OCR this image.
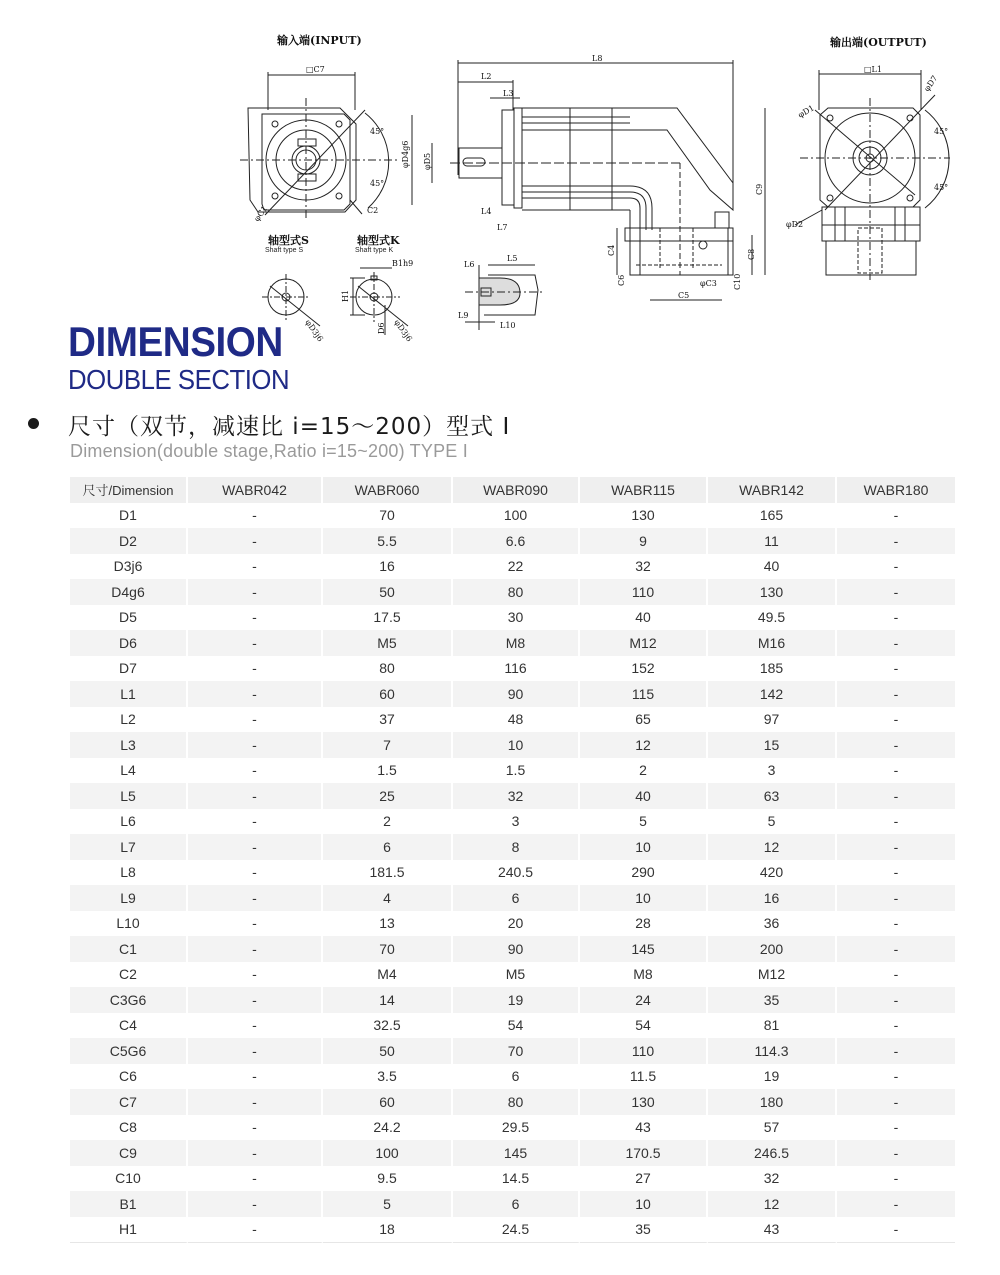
输入端(INPUT)	输出端(OUTPUT)
□C7
45°
45°
C2
φC1
φD4g6 φD5
L8
L2
L3
L4
L7
C9
C4
C6	φC3
C5
C8
C10
L5
L6
L9
L10
B1h9
H1
D6
φD3j6	φD3j6
□L1
φD1
φD7
45°
45°
φD2
轴型式S
Shaft type S
轴型式K
Shaft type K
DIMENSION
DOUBLE SECTION
尺寸（双节，减速比 i=15～200）型式 I
Dimension(double stage,Ratio i=15~200) TYPE I
尺寸/Dimension	WABR042	WABR060	WABR090	WABR115	WABR142	WABR180
D1	-	70	100	130	165	-
D2	-	5.5	6.6	9	11	-
D3j6	-	16	22	32	40	-
D4g6	-	50	80	110	130	-
D5	-	17.5	30	40	49.5	-
D6	-	M5	M8	M12	M16	-
D7	-	80	116	152	185	-
L1	-	60	90	115	142	-
L2	-	37	48	65	97	-
L3	-	7	10	12	15	-
L4	-	1.5	1.5	2	3	-
L5	-	25	32	40	63	-
L6	-	2	3	5	5	-
L7	-	6	8	10	12	-
L8	-	181.5	240.5	290	420	-
L9	-	4	6	10	16	-
L10	-	13	20	28	36	-
C1	-	70	90	145	200	-
C2	-	M4	M5	M8	M12	-
C3G6	-	14	19	24	35	-
C4	-	32.5	54	54	81	-
C5G6	-	50	70	110	114.3	-
C6	-	3.5	6	11.5	19	-
C7	-	60	80	130	180	-
C8	-	24.2	29.5	43	57	-
C9	-	100	145	170.5	246.5	-
C10	-	9.5	14.5	27	32	-
B1	-	5	6	10	12	-
H1	-	18	24.5	35	43	-
